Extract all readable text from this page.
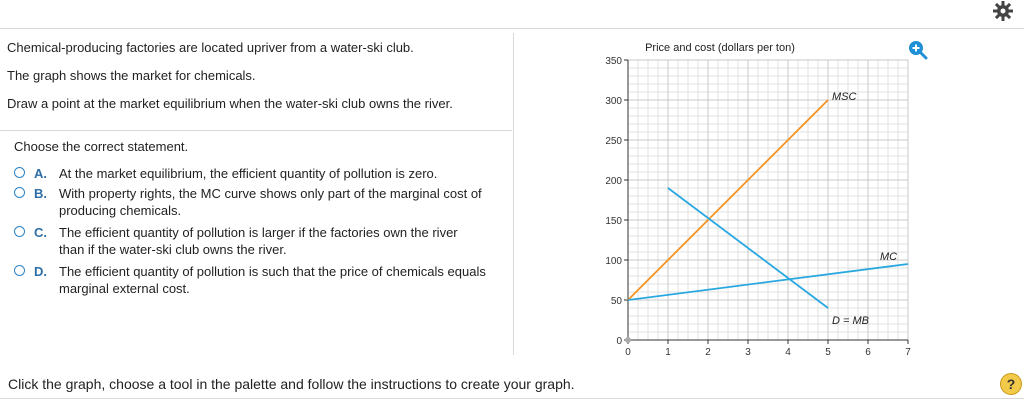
Chemical-producing factories are located upriver from a water-ski club.
The graph shows the market for chemicals.
Draw a point at the market equilibrium when the water-ski club owns the river.
Choose the correct statement.
A. At the market equilibrium, the efficient quantity of pollution is zero.
B. With property rights, the MC curve shows only part of the marginal cost of
producing chemicals.
C. The efficient quantity of pollution is larger if the factories own the river
than if the water-ski club owns the river.
D. The efficient quantity of pollution is such that the price of chemicals equals
marginal external cost.
0
50
100
150
200
250
300
350
0	1	2	3	4	5	6	7
MSC
MC
D = MB
Price and cost (dollars per ton)
Click the graph, choose a tool in the palette and follow the instructions to create your graph.	?
